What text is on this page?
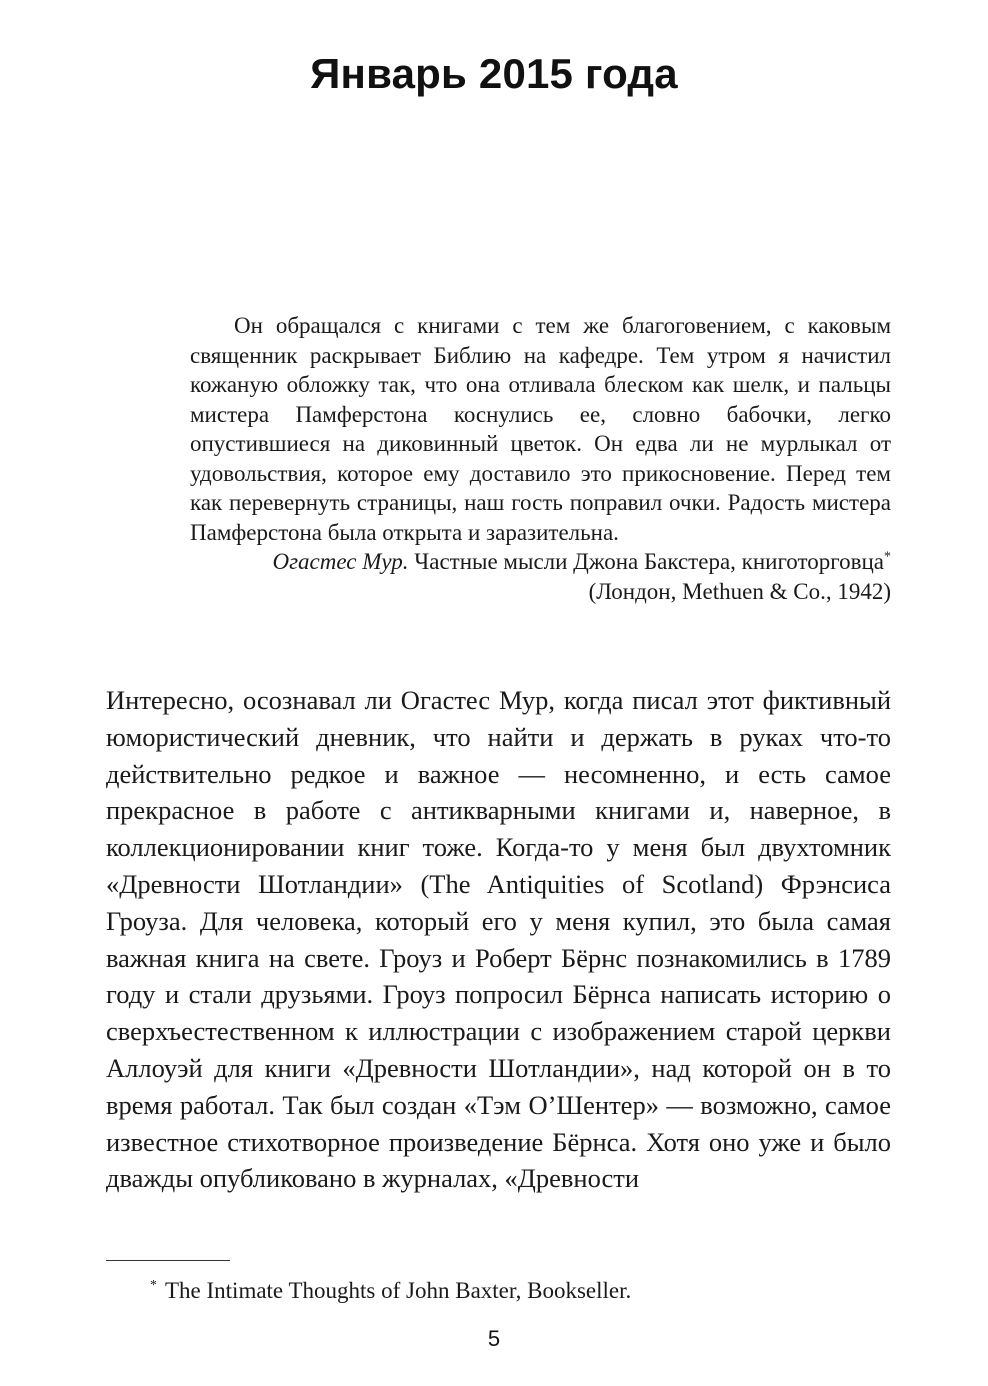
Январь 2015 года

Он обращался с книгами с тем же благоговением, с каковым священник раскрывает Библию на кафедре. Тем утром я начистил кожаную обложку так, что она отливала блеском как шелк, и пальцы мистера Памферстона коснулись ее, словно бабочки, легко опустившиеся на диковинный цветок. Он едва ли не мурлыкал от удовольствия, которое ему доставило это прикосновение. Перед тем как перевернуть страницы, наш гость поправил очки. Радость мистера Памферстона была открыта и заразительна.

Огастес Мур. Частные мысли Джона Бакстера, книготорговца*
(Лондон, Methuen & Co., 1942)

Интересно, осознавал ли Огастес Мур, когда писал этот фиктивный юмористический дневник, что найти и держать в руках что-то действительно редкое и важное — несомненно, и есть самое прекрасное в работе с антикварными книгами и, наверное, в коллекционировании книг тоже. Когда-то у меня был двухтомник «Древности Шотландии» (The Antiquities of Scotland) Фрэнсиса Гроуза. Для человека, который его у меня купил, это была самая важная книга на свете. Гроуз и Роберт Бёрнс познакомились в 1789 году и стали друзьями. Гроуз попросил Бёрнса написать историю о сверхъестественном к иллюстрации с изображением старой церкви Аллоуэй для книги «Древности Шотландии», над которой он в то время работал. Так был создан «Тэм О’Шентер» — возможно, самое известное стихотворное произведение Бёрнса. Хотя оно уже и было дважды опубликовано в журналах, «Древности

* The Intimate Thoughts of John Baxter, Bookseller.

5
